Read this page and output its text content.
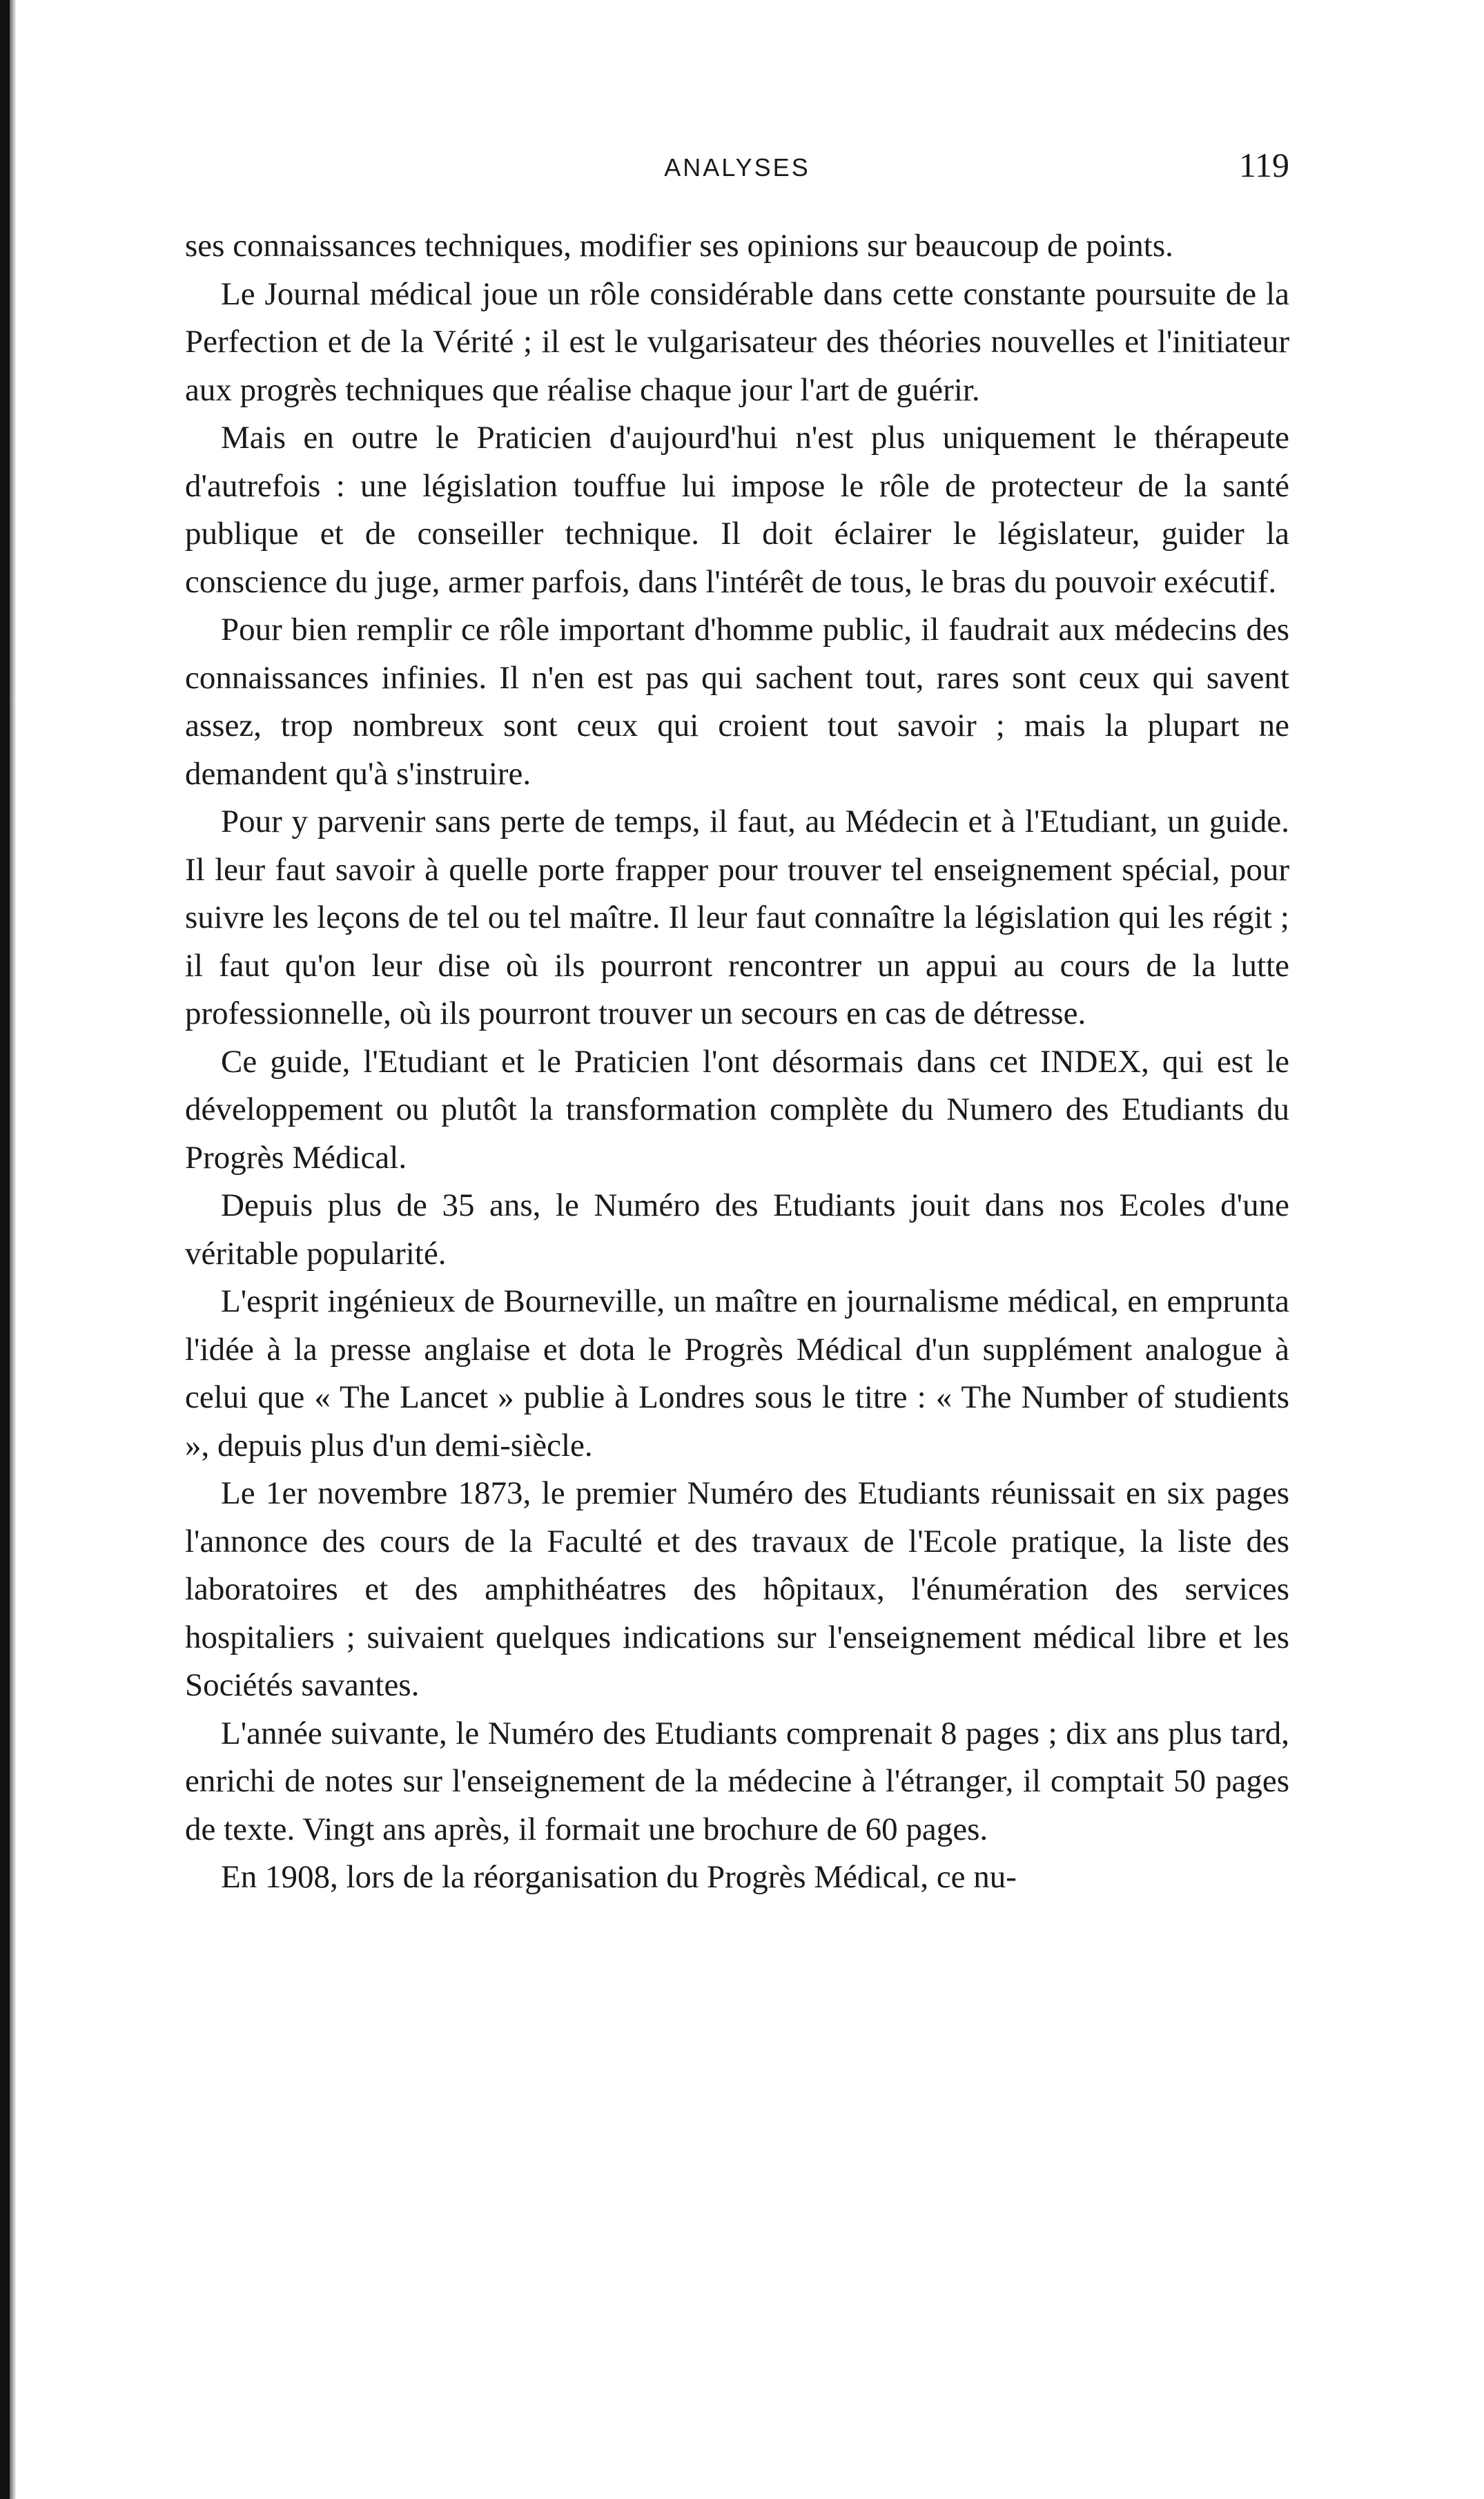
ANALYSES	119

ses connaissances techniques, modifier ses opinions sur beaucoup de points.

Le Journal médical joue un rôle considérable dans cette constante poursuite de la Perfection et de la Vérité ; il est le vulgarisateur des théories nouvelles et l'initiateur aux progrès techniques que réalise chaque jour l'art de guérir.

Mais en outre le Praticien d'aujourd'hui n'est plus uniquement le thérapeute d'autrefois : une législation touffue lui impose le rôle de protecteur de la santé publique et de conseiller technique. Il doit éclairer le législateur, guider la conscience du juge, armer parfois, dans l'intérêt de tous, le bras du pouvoir exécutif.

Pour bien remplir ce rôle important d'homme public, il faudrait aux médecins des connaissances infinies. Il n'en est pas qui sachent tout, rares sont ceux qui savent assez, trop nombreux sont ceux qui croient tout savoir ; mais la plupart ne demandent qu'à s'instruire.

Pour y parvenir sans perte de temps, il faut, au Médecin et à l'Etudiant, un guide. Il leur faut savoir à quelle porte frapper pour trouver tel enseignement spécial, pour suivre les leçons de tel ou tel maître. Il leur faut connaître la législation qui les régit ; il faut qu'on leur dise où ils pourront rencontrer un appui au cours de la lutte professionnelle, où ils pourront trouver un secours en cas de détresse.

Ce guide, l'Etudiant et le Praticien l'ont désormais dans cet INDEX, qui est le développement ou plutôt la transformation complète du Numero des Etudiants du Progrès Médical.

Depuis plus de 35 ans, le Numéro des Etudiants jouit dans nos Ecoles d'une véritable popularité.

L'esprit ingénieux de Bourneville, un maître en journalisme médical, en emprunta l'idée à la presse anglaise et dota le Progrès Médical d'un supplément analogue à celui que « The Lancet » publie à Londres sous le titre : « The Number of studients », depuis plus d'un demi-siècle.

Le 1er novembre 1873, le premier Numéro des Etudiants réunissait en six pages l'annonce des cours de la Faculté et des travaux de l'Ecole pratique, la liste des laboratoires et des amphithéatres des hôpitaux, l'énumération des services hospitaliers ; suivaient quelques indications sur l'enseignement médical libre et les Sociétés savantes.

L'année suivante, le Numéro des Etudiants comprenait 8 pages ; dix ans plus tard, enrichi de notes sur l'enseignement de la médecine à l'étranger, il comptait 50 pages de texte. Vingt ans après, il formait une brochure de 60 pages.

En 1908, lors de la réorganisation du Progrès Médical, ce nu-
